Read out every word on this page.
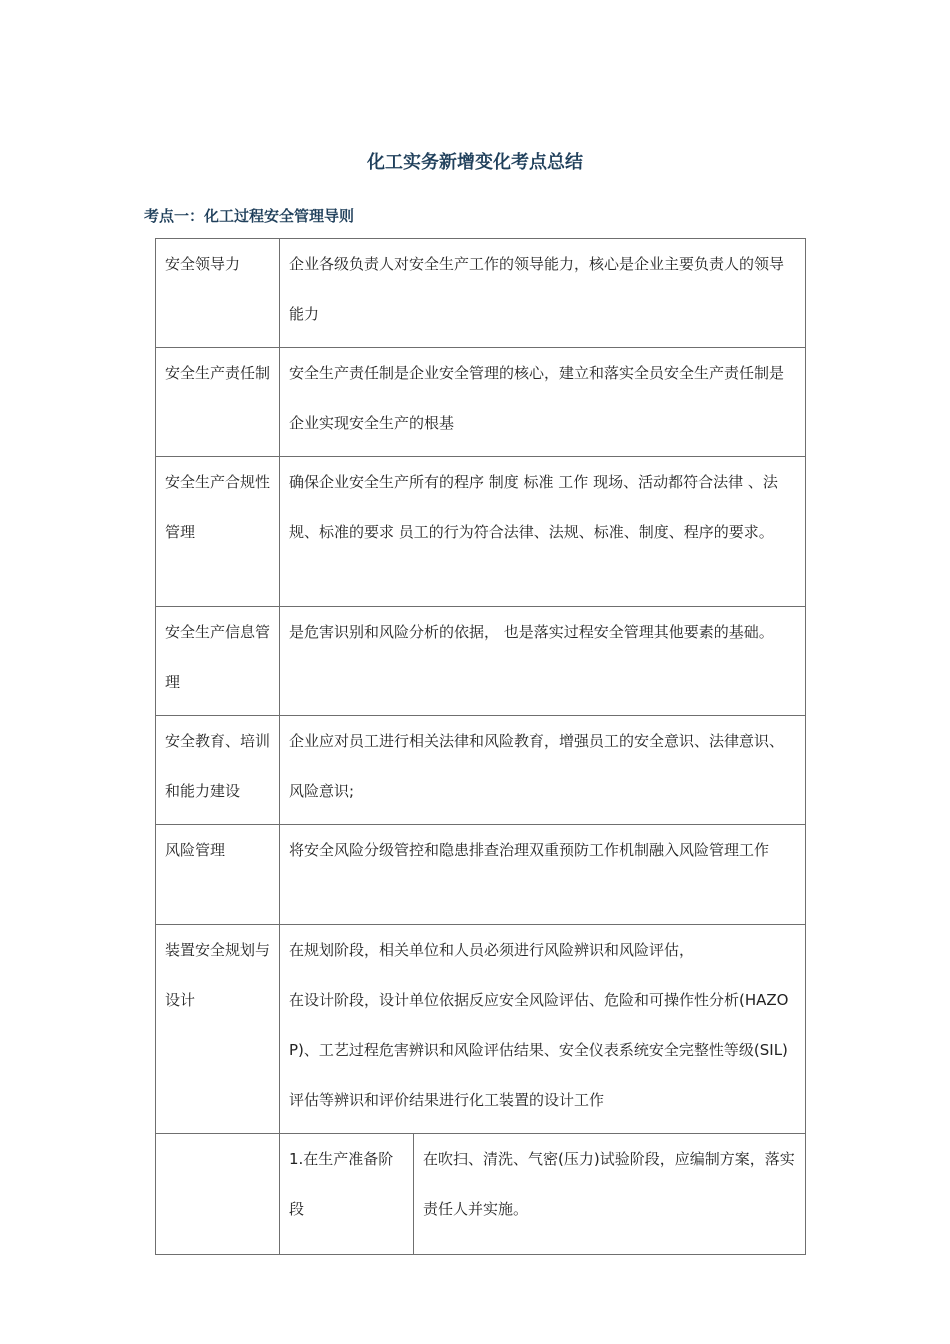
化工实务新增变化考点总结
考点一：化工过程安全管理导则
安全领导力	企业各级负责人对安全生产工作的领导能力，核心是企业主要负责人的领导能力	

安全生产责任制	安全生产责任制是企业安全管理的核心，建立和落实全员安全生产责任制是企业实现安全生产的根基	

安全生产合规性管理	确保企业安全生产所有的程序 制度 标准 工作 现场、活动都符合法律 、法规、标准的要求 员工的行为符合法律、法规、标准、制度、程序的要求。	

安全生产信息管理	是危害识别和风险分析的依据， 也是落实过程安全管理其他要素的基础。	

安全教育、培训和能力建设	企业应对员工进行相关法律和风险教育，增强员工的安全意识、法律意识、风险意识;	

风险管理	将安全风险分级管控和隐患排查治理双重预防工作机制融入风险管理工作	

装置安全规划与设计	在规划阶段，相关单位和人员必须进行风险辨识和风险评估，
在设计阶段，设计单位依据反应安全风险评估、危险和可操作性分析(HAZOP)、工艺过程危害辨识和风险评估结果、安全仪表系统安全完整性等级(SIL)评估等辨识和评价结果进行化工装置的设计工作	

	1.在生产准备阶段	在吹扫、清洗、气密(压力)试验阶段，应编制方案，落实责任人并实施。
